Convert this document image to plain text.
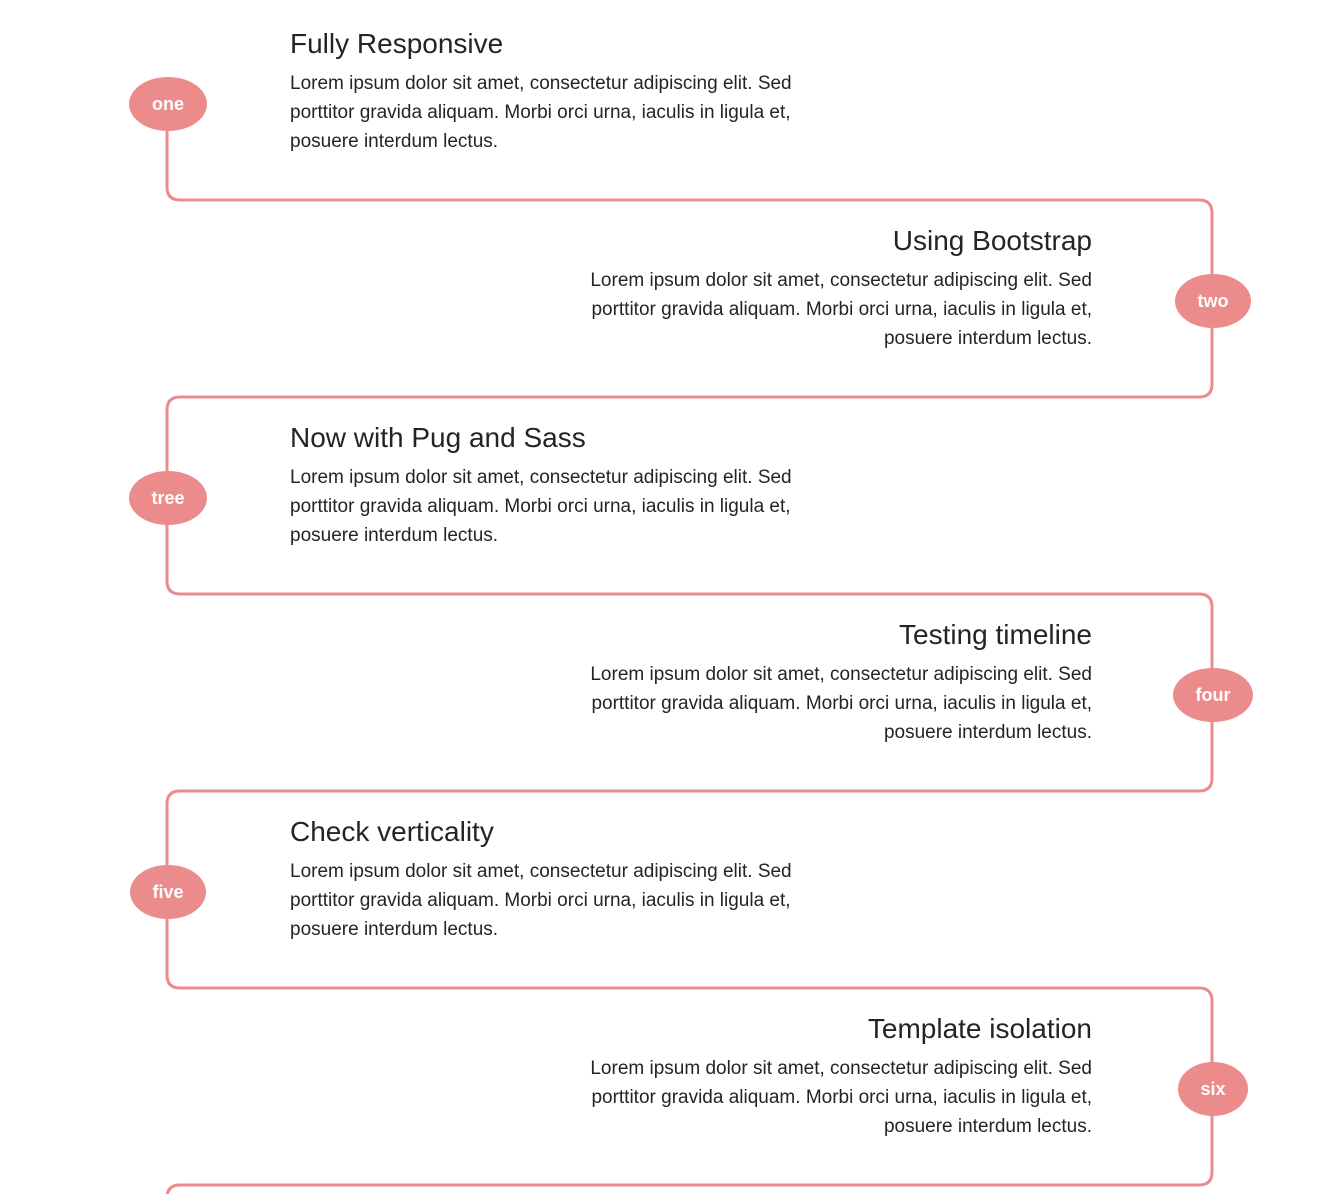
one
Fully Responsive

Lorem ipsum dolor sit amet, consectetur adipiscing elit. Sed porttitor gravida aliquam. Morbi orci urna, iaculis in ligula et, posuere interdum lectus.

two
Using Bootstrap

Lorem ipsum dolor sit amet, consectetur adipiscing elit. Sed porttitor gravida aliquam. Morbi orci urna, iaculis in ligula et, posuere interdum lectus.

tree
Now with Pug and Sass

Lorem ipsum dolor sit amet, consectetur adipiscing elit. Sed porttitor gravida aliquam. Morbi orci urna, iaculis in ligula et, posuere interdum lectus.

four
Testing timeline

Lorem ipsum dolor sit amet, consectetur adipiscing elit. Sed porttitor gravida aliquam. Morbi orci urna, iaculis in ligula et, posuere interdum lectus.

five
Check verticality

Lorem ipsum dolor sit amet, consectetur adipiscing elit. Sed porttitor gravida aliquam. Morbi orci urna, iaculis in ligula et, posuere interdum lectus.

six
Template isolation

Lorem ipsum dolor sit amet, consectetur adipiscing elit. Sed porttitor gravida aliquam. Morbi orci urna, iaculis in ligula et, posuere interdum lectus.
